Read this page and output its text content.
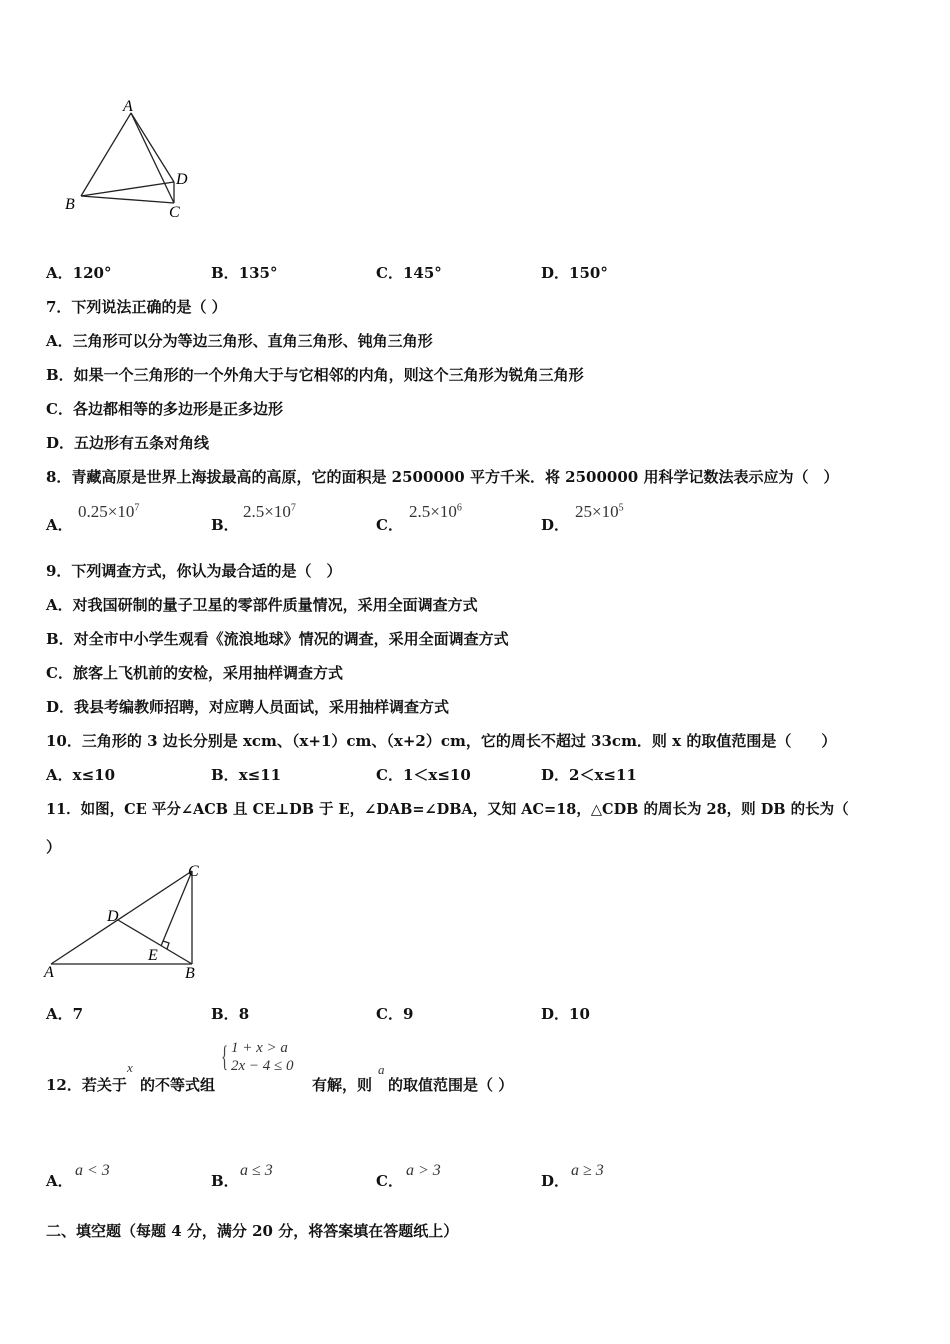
A
B	C
D
A．120°	B．135°	C．145°	D．150°
7．下列说法正确的是（ ）
A．三角形可以分为等边三角形、直角三角形、钝角三角形
B．如果一个三角形的一个外角大于与它相邻的内角，则这个三角形为锐角三角形
C．各边都相等的多边形是正多边形
D．五边形有五条对角线
8．青藏高原是世界上海拔最高的高原，它的面积是 2500000 平方千米．将 2500000 用科学记数法表示应为（　）
A．
$0.25\times 10^7$
B．
$2.5\times 10^7$
C．
$2.5\times 10^6$
D．
$25\times 10^5$
9．下列调查方式，你认为最合适的是（　）
A．对我国研制的量子卫星的零部件质量情况，采用全面调查方式
B．对全市中小学生观看《流浪地球》情况的调查，采用全面调查方式
C．旅客上飞机前的安检，采用抽样调查方式
D．我县考编教师招聘，对应聘人员面试，采用抽样调查方式
10．三角形的 3 边长分别是 xcm、（x+1）cm、（x+2）cm，它的周长不超过 33cm．则 x 的取值范围是（　　）
A．x≤10	B．x≤11	C．1＜x≤10	D．2＜x≤11
11．如图，CE 平分∠ACB 且 CE⊥DB 于 E，∠DAB=∠DBA，又知 AC=18，△CDB 的周长为 28，则 DB 的长为（
）
A	B
C
D
E
A．7	B．8	C．9	D．10
12．若关于
x
的不等式组
{ 1 + x > a
2x − 4 ≤ 0
有解，则
a
的取值范围是（ ）
A．
a < 3
B．
a ≤ 3
C．
a > 3
D．
a ≥ 3
二、填空题（每题 4 分，满分 20 分，将答案填在答题纸上）
